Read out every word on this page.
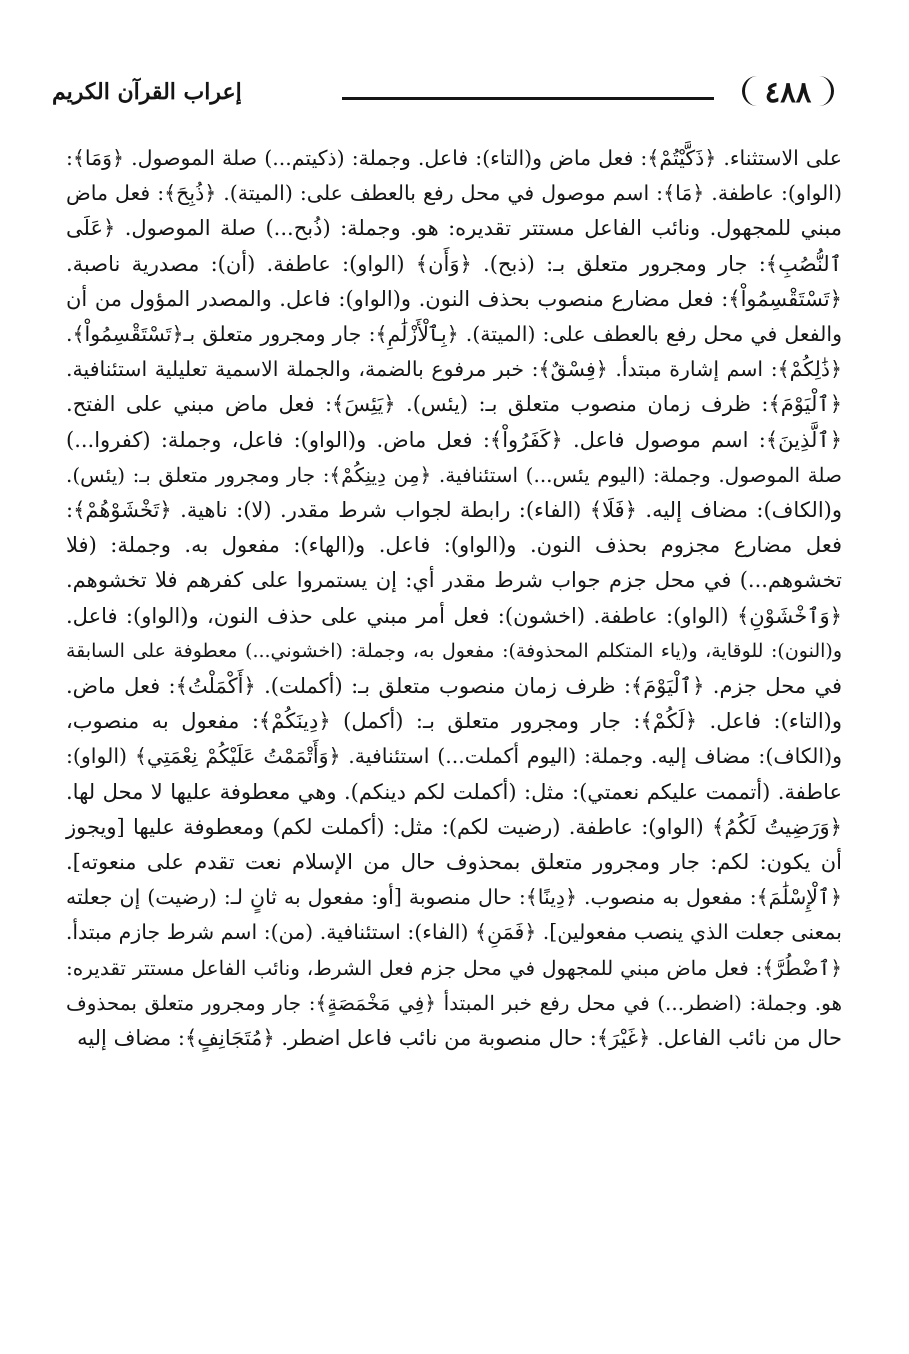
٤٨٨
إعراب القرآن الكريم
على الاستثناء. ﴿ذَكَّيْتُمْ﴾: فعل ماض و(التاء): فاعل. وجملة: (ذكيتم...) صلة الموصول. ﴿وَمَا﴾:
(الواو): عاطفة. ﴿مَا﴾: اسم موصول في محل رفع بالعطف على: (الميتة). ﴿ذُبِحَ﴾: فعل ماض
مبني للمجهول. ونائب الفاعل مستتر تقديره: هو. وجملة: (ذُبح...) صلة الموصول. ﴿عَلَى
ٱلنُّصُبِ﴾: جار ومجرور متعلق بـ: (ذبح). ﴿وَأَن﴾ (الواو): عاطفة. (أن): مصدرية ناصبة.
﴿تَسْتَقْسِمُواْ﴾: فعل مضارع منصوب بحذف النون. و(الواو): فاعل. والمصدر المؤول من أن
والفعل في محل رفع بالعطف على: (الميتة). ﴿بِٱلْأَزْلَٰمِ﴾: جار ومجرور متعلق بـ﴿تَسْتَقْسِمُواْ﴾.
﴿ذَٰلِكُمْ﴾: اسم إشارة مبتدأ. ﴿فِسْقٌ﴾: خبر مرفوع بالضمة، والجملة الاسمية تعليلية استئنافية.
﴿ٱلْيَوْمَ﴾: ظرف زمان منصوب متعلق بـ: (يئس). ﴿يَئِسَ﴾: فعل ماض مبني على الفتح.
﴿ٱلَّذِينَ﴾: اسم موصول فاعل. ﴿كَفَرُواْ﴾: فعل ماض. و(الواو): فاعل، وجملة: (كفروا...)
صلة الموصول. وجملة: (اليوم يئس...) استئنافية. ﴿مِن دِينِكُمْ﴾: جار ومجرور متعلق بـ: (يئس).
و(الكاف): مضاف إليه. ﴿فَلَا﴾ (الفاء): رابطة لجواب شرط مقدر. (لا): ناهية. ﴿تَخْشَوْهُمْ﴾:
فعل مضارع مجزوم بحذف النون. و(الواو): فاعل. و(الهاء): مفعول به. وجملة: (فلا
تخشوهم...) في محل جزم جواب شرط مقدر أي: إن يستمروا على كفرهم فلا تخشوهم.
﴿وَٱخْشَوْنِ﴾ (الواو): عاطفة. (اخشون): فعل أمر مبني على حذف النون، و(الواو): فاعل.
و(النون): للوقاية، و(ياء المتكلم المحذوفة): مفعول به، وجملة: (اخشوني...) معطوفة على السابقة
في محل جزم. ﴿ٱلْيَوْمَ﴾: ظرف زمان منصوب متعلق بـ: (أكملت). ﴿أَكْمَلْتُ﴾: فعل ماض.
و(التاء): فاعل. ﴿لَكُمْ﴾: جار ومجرور متعلق بـ: (أكمل) ﴿دِينَكُمْ﴾: مفعول به منصوب،
و(الكاف): مضاف إليه. وجملة: (اليوم أكملت...) استئنافية. ﴿وَأَتْمَمْتُ عَلَيْكُمْ نِعْمَتِي﴾ (الواو):
عاطفة. (أتممت عليكم نعمتي): مثل: (أكملت لكم دينكم). وهي معطوفة عليها لا محل لها.
﴿وَرَضِيتُ لَكُمُ﴾ (الواو): عاطفة. (رضيت لكم): مثل: (أكملت لكم) ومعطوفة عليها [ويجوز
أن يكون: لكم: جار ومجرور متعلق بمحذوف حال من الإسلام نعت تقدم على منعوته].
﴿ٱلْإِسْلَٰمَ﴾: مفعول به منصوب. ﴿دِينًا﴾: حال منصوبة [أو: مفعول به ثانٍ لـ: (رضيت) إن جعلته
بمعنى جعلت الذي ينصب مفعولين]. ﴿فَمَنِ﴾ (الفاء): استئنافية. (من): اسم شرط جازم مبتدأ.
﴿ٱضْطُرَّ﴾: فعل ماض مبني للمجهول في محل جزم فعل الشرط، ونائب الفاعل مستتر تقديره:
هو. وجملة: (اضطر...) في محل رفع خبر المبتدأ ﴿فِي مَخْمَصَةٍ﴾: جار ومجرور متعلق بمحذوف
حال من نائب الفاعل. ﴿غَيْرَ﴾: حال منصوبة من نائب فاعل اضطر. ﴿مُتَجَانِفٍ﴾: مضاف إليه
